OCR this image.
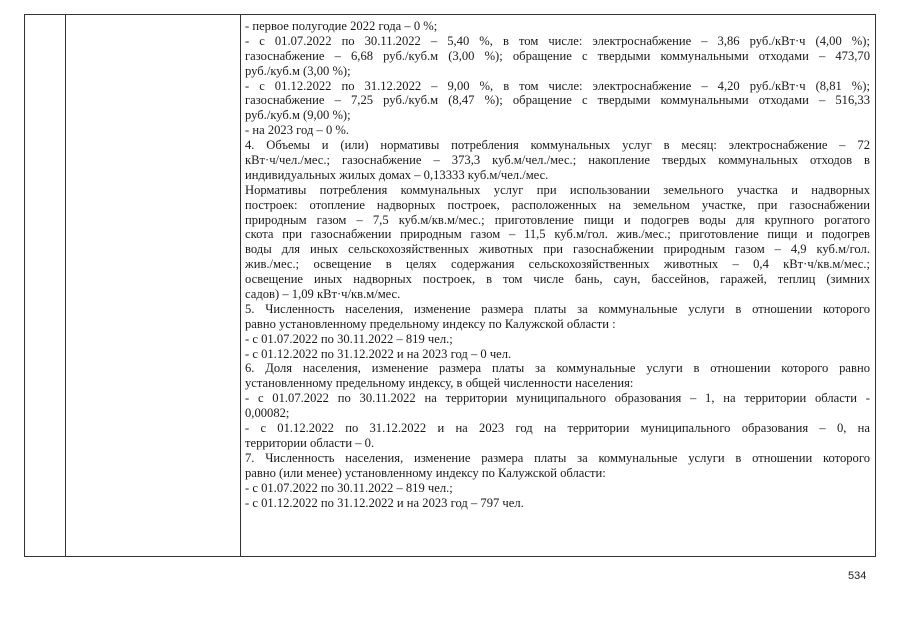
- первое полугодие 2022 года – 0 %;
- с 01.07.2022 по 30.11.2022 – 5,40 %, в том числе: электроснабжение – 3,86 руб./кВт·ч (4,00 %);
газоснабжение – 6,68 руб./куб.м (3,00 %); обращение с твердыми коммунальными отходами – 473,70
руб./куб.м (3,00 %);
- с 01.12.2022 по 31.12.2022 – 9,00 %, в том числе: электроснабжение – 4,20 руб./кВт·ч (8,81 %);
газоснабжение – 7,25 руб./куб.м (8,47 %); обращение с твердыми коммунальными отходами – 516,33
руб./куб.м (9,00 %);
- на 2023 год – 0 %.
4. Объемы и (или) нормативы потребления коммунальных услуг в месяц: электроснабжение – 72
кВт·ч/чел./мес.; газоснабжение – 373,3 куб.м/чел./мес.; накопление твердых коммунальных отходов в
индивидуальных жилых домах – 0,13333 куб.м/чел./мес.
Нормативы потребления коммунальных услуг при использовании земельного участка и надворных
построек: отопление надворных построек, расположенных на земельном участке, при газоснабжении
природным газом – 7,5 куб.м/кв.м/мес.; приготовление пищи и подогрев воды для крупного рогатого
скота при газоснабжении природным газом – 11,5 куб.м/гол. жив./мес.; приготовление пищи и подогрев
воды для иных сельскохозяйственных животных при газоснабжении природным газом – 4,9 куб.м/гол.
жив./мес.; освещение в целях содержания сельскохозяйственных животных – 0,4 кВт·ч/кв.м/мес.;
освещение иных надворных построек, в том числе бань, саун, бассейнов, гаражей, теплиц (зимних
садов) – 1,09 кВт·ч/кв.м/мес.
5. Численность населения, изменение размера платы за коммунальные услуги в отношении которого
равно установленному предельному индексу по Калужской области :
- с 01.07.2022 по 30.11.2022 – 819 чел.;
- с 01.12.2022 по 31.12.2022 и на 2023 год – 0 чел.
6. Доля населения, изменение размера платы за коммунальные услуги в отношении которого равно
установленному предельному индексу, в общей численности населения:
- с 01.07.2022 по 30.11.2022 на территории муниципального образования – 1, на территории области -
0,00082;
- с 01.12.2022 по 31.12.2022 и на 2023 год на территории муниципального образования – 0, на
территории области – 0.
7. Численность населения, изменение размера платы за коммунальные услуги в отношении которого
равно (или менее) установленному индексу по Калужской области:
- с 01.07.2022 по 30.11.2022 – 819 чел.;
- с 01.12.2022 по 31.12.2022 и на 2023 год – 797 чел.
534
